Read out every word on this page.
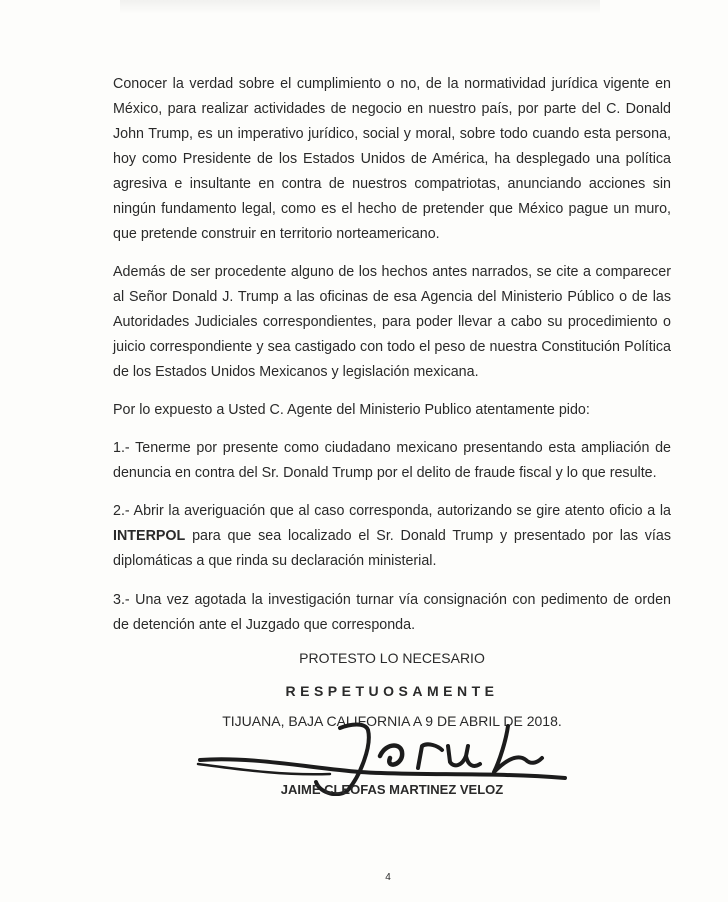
Conocer la verdad sobre el cumplimiento o no, de la normatividad jurídica vigente en México, para realizar actividades de negocio en nuestro país, por parte del C. Donald John Trump, es un imperativo jurídico, social y moral, sobre todo cuando esta persona, hoy como Presidente de los Estados Unidos de América, ha desplegado una política agresiva e insultante en contra de nuestros compatriotas, anunciando acciones sin ningún fundamento legal, como es el hecho de pretender que México pague un muro, que pretende construir en territorio norteamericano.

Además de ser procedente alguno de los hechos antes narrados, se cite a comparecer al Señor Donald J. Trump a las oficinas de esa Agencia del Ministerio Público o de las Autoridades Judiciales correspondientes, para poder llevar a cabo su procedimiento o juicio correspondiente y sea castigado con todo el peso de nuestra Constitución Política de los Estados Unidos Mexicanos y legislación mexicana.

Por lo expuesto a Usted C. Agente del Ministerio Publico atentamente pido:

1.- Tenerme por presente como ciudadano mexicano presentando esta ampliación de denuncia en contra del Sr. Donald Trump por el delito de fraude fiscal y lo que resulte.

2.- Abrir la averiguación que al caso corresponda, autorizando se gire atento oficio a la INTERPOL para que sea localizado el Sr. Donald Trump y presentado por las vías diplomáticas a que rinda su declaración ministerial.

3.- Una vez agotada la investigación turnar vía consignación con pedimento de orden de detención ante el Juzgado que corresponda.

PROTESTO LO NECESARIO

RESPETUOSAMENTE

TIJUANA, BAJA CALIFORNIA A 9 DE ABRIL DE 2018.

JAIME CLEOFAS MARTINEZ VELOZ

4
